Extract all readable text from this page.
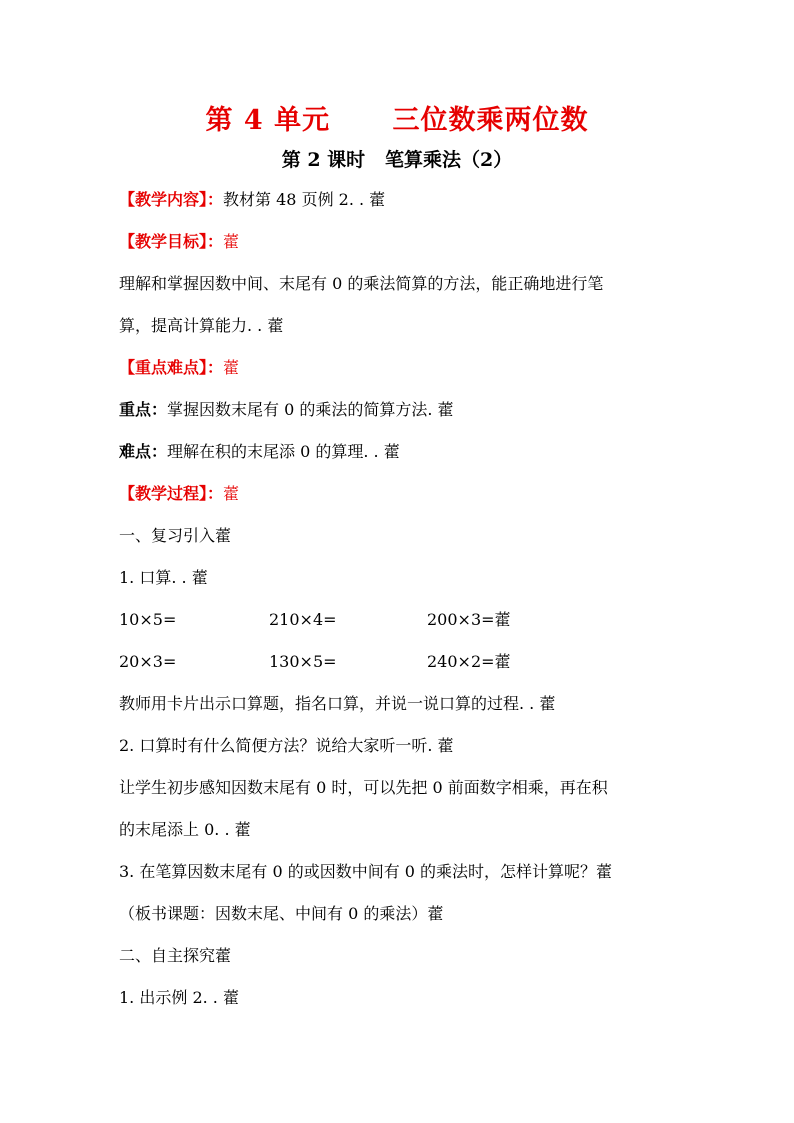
第 4 单元      三位数乘两位数
第 2 课时   笔算乘法（2）
【教学内容】：教材第 48 页例 2. . 藿
【教学目标】：藿
理解和掌握因数中间、末尾有 0 的乘法简算的方法，能正确地进行笔
算，提高计算能力. . 藿
【重点难点】：藿
重点：掌握因数末尾有 0 的乘法的简算方法. 藿
难点：理解在积的末尾添 0 的算理. . 藿
【教学过程】：藿
一、复习引入藿
1. 口算. . 藿
10×5=	210×4=	200×3=藿
20×3=	130×5=	240×2=藿
教师用卡片出示口算题，指名口算，并说一说口算的过程. . 藿
2. 口算时有什么简便方法？说给大家听一听. 藿
让学生初步感知因数末尾有 0 时，可以先把 0 前面数字相乘，再在积
的末尾添上 0. . 藿
3. 在笔算因数末尾有 0 的或因数中间有 0 的乘法时，怎样计算呢？藿
（板书课题：因数末尾、中间有 0 的乘法）藿
二、自主探究藿
1. 出示例 2. . 藿
